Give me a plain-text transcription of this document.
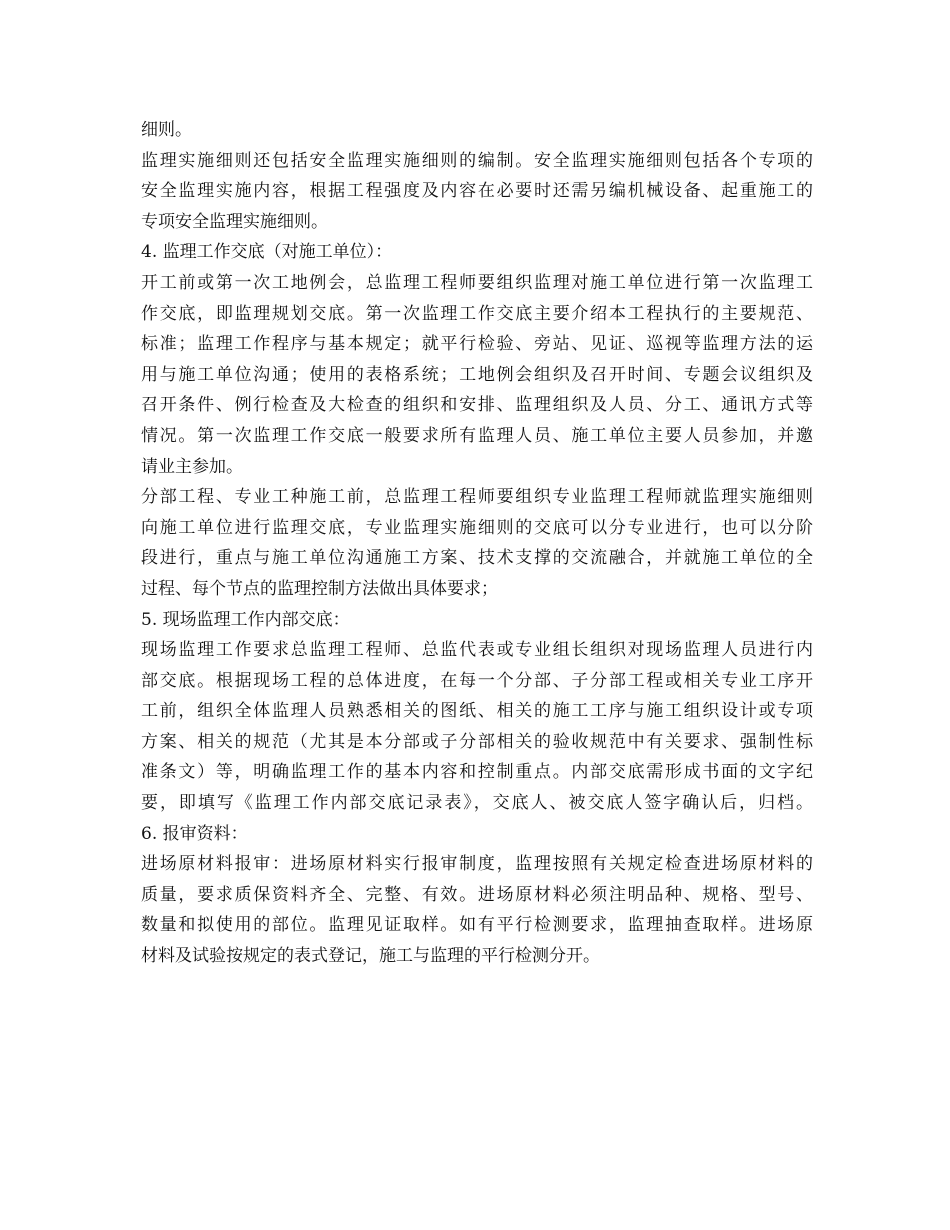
细则。
监理实施细则还包括安全监理实施细则的编制。安全监理实施细则包括各个专项的
安全监理实施内容，根据工程强度及内容在必要时还需另编机械设备、起重施工的
专项安全监理实施细则。
4. 监理工作交底（对施工单位）：
开工前或第一次工地例会，总监理工程师要组织监理对施工单位进行第一次监理工
作交底，即监理规划交底。第一次监理工作交底主要介绍本工程执行的主要规范、
标准；监理工作程序与基本规定；就平行检验、旁站、见证、巡视等监理方法的运
用与施工单位沟通；使用的表格系统；工地例会组织及召开时间、专题会议组织及
召开条件、例行检查及大检查的组织和安排、监理组织及人员、分工、通讯方式等
情况。第一次监理工作交底一般要求所有监理人员、施工单位主要人员参加，并邀
请业主参加。
分部工程、专业工种施工前，总监理工程师要组织专业监理工程师就监理实施细则
向施工单位进行监理交底，专业监理实施细则的交底可以分专业进行，也可以分阶
段进行，重点与施工单位沟通施工方案、技术支撑的交流融合，并就施工单位的全
过程、每个节点的监理控制方法做出具体要求；
5. 现场监理工作内部交底：
现场监理工作要求总监理工程师、总监代表或专业组长组织对现场监理人员进行内
部交底。根据现场工程的总体进度，在每一个分部、子分部工程或相关专业工序开
工前，组织全体监理人员熟悉相关的图纸、相关的施工工序与施工组织设计或专项
方案、相关的规范（尤其是本分部或子分部相关的验收规范中有关要求、强制性标
准条文）等，明确监理工作的基本内容和控制重点。内部交底需形成书面的文字纪
要，即填写《监理工作内部交底记录表》，交底人、被交底人签字确认后，归档。
6. 报审资料：
进场原材料报审：进场原材料实行报审制度，监理按照有关规定检查进场原材料的
质量，要求质保资料齐全、完整、有效。进场原材料必须注明品种、规格、型号、
数量和拟使用的部位。监理见证取样。如有平行检测要求，监理抽查取样。进场原
材料及试验按规定的表式登记，施工与监理的平行检测分开。
